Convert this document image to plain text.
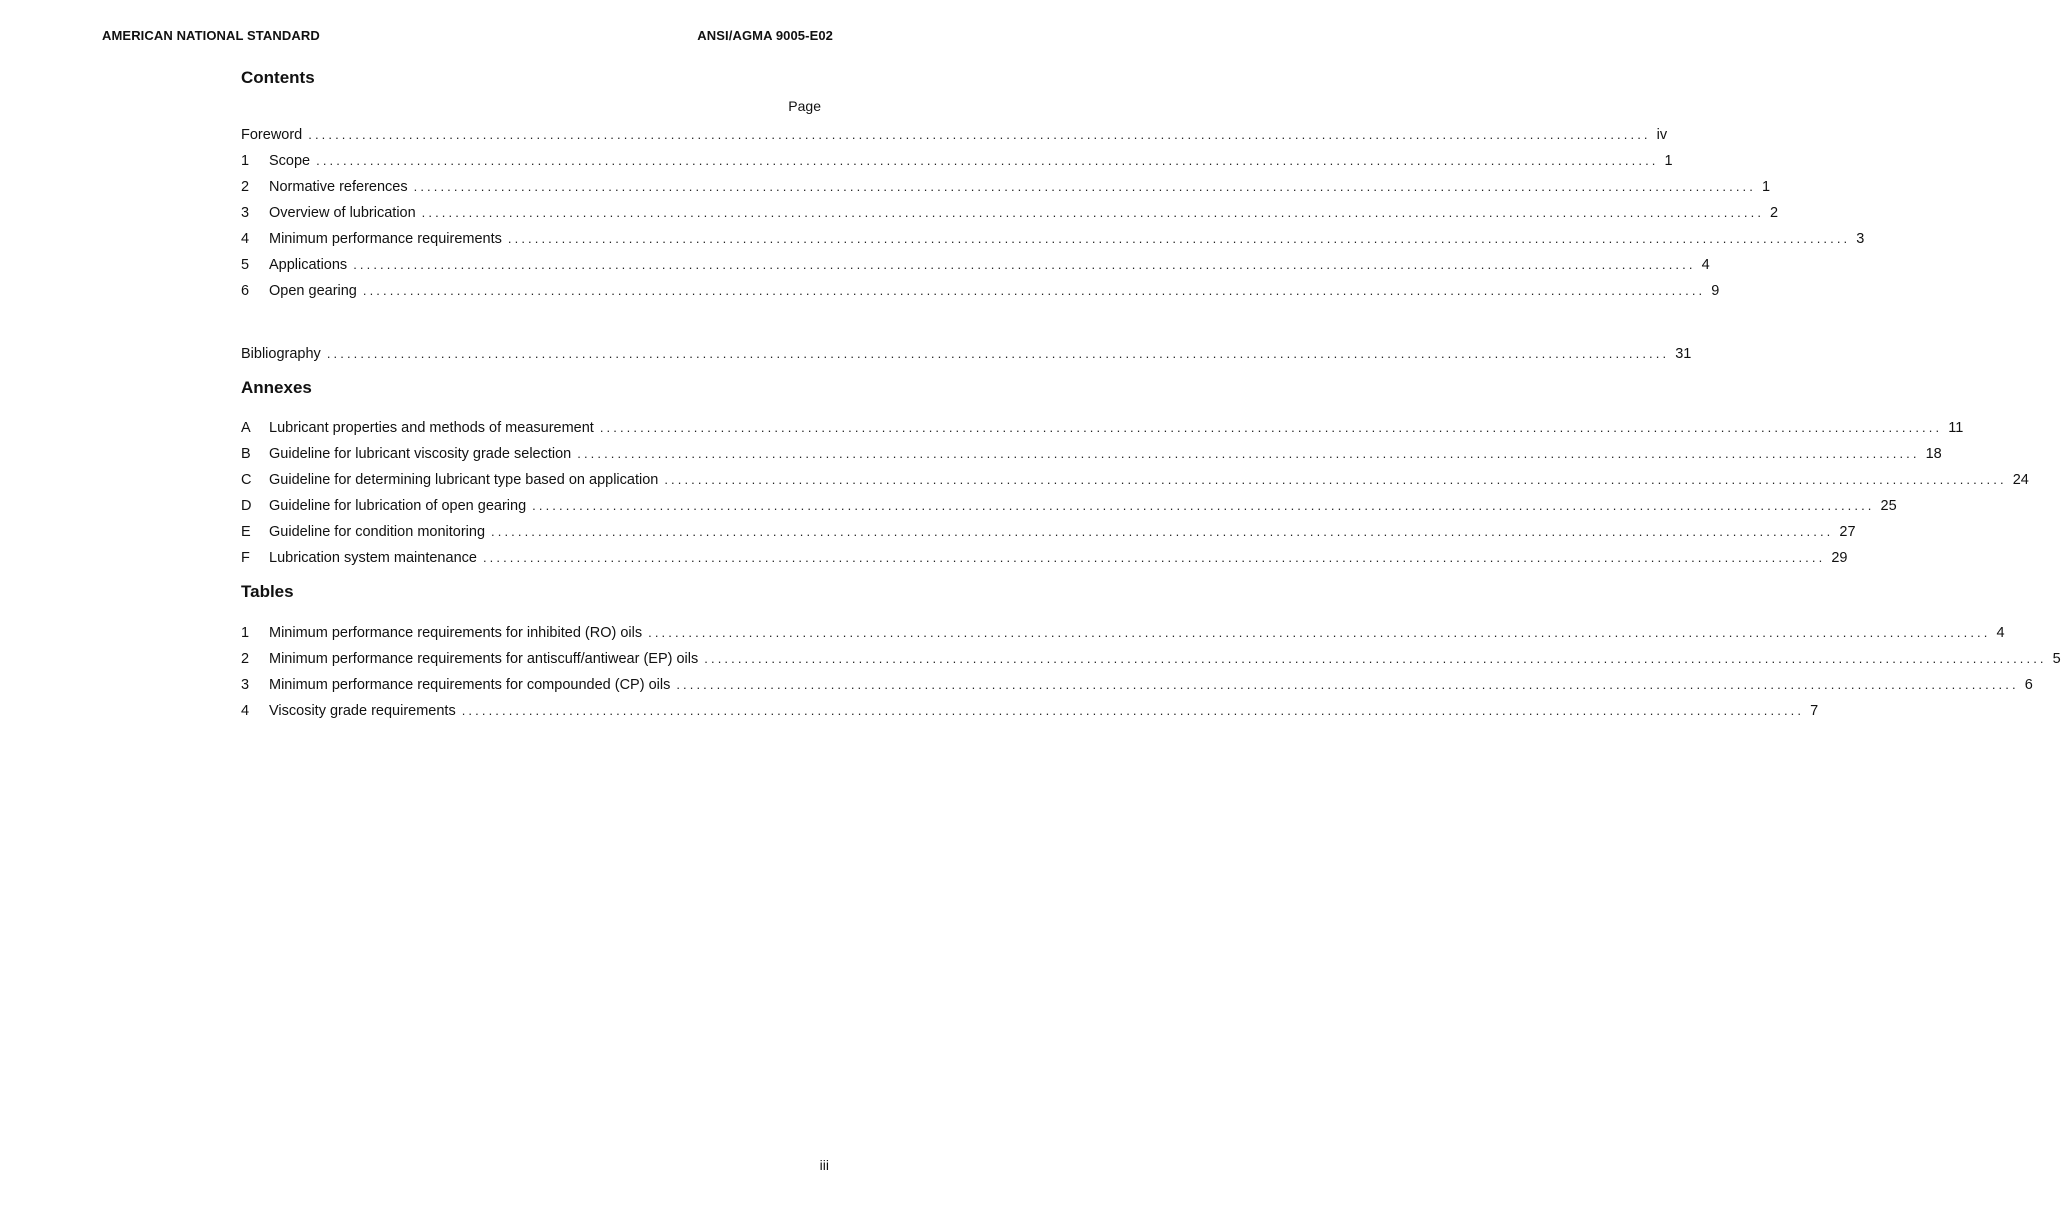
AMERICAN NATIONAL STANDARD	ANSI/AGMA 9005-E02
Contents
Page
Foreword ........................................................................................................................................................................................................ iv
1	Scope ........................................................................................................................................................................................................ 1
2	Normative references ........................................................................................................................................................................................................ 1
3	Overview of lubrication ........................................................................................................................................................................................................ 2
4	Minimum performance requirements ........................................................................................................................................................................................................ 3
5	Applications ........................................................................................................................................................................................................ 4
6	Open gearing ........................................................................................................................................................................................................ 9
Bibliography ........................................................................................................................................................................................................ 31
Annexes
A	Lubricant properties and methods of measurement ........................................................................................................................................................................................................ 11
B	Guideline for lubricant viscosity grade selection ........................................................................................................................................................................................................ 18
C	Guideline for determining lubricant type based on application ........................................................................................................................................................................................................ 24
D	Guideline for lubrication of open gearing ........................................................................................................................................................................................................ 25
E	Guideline for condition monitoring ........................................................................................................................................................................................................ 27
F	Lubrication system maintenance ........................................................................................................................................................................................................ 29
Tables
1	Minimum performance requirements for inhibited (RO) oils ........................................................................................................................................................................................................ 4
2	Minimum performance requirements for antiscuff/antiwear (EP) oils ........................................................................................................................................................................................................ 5
3	Minimum performance requirements for compounded (CP) oils ........................................................................................................................................................................................................ 6
4	Viscosity grade requirements ........................................................................................................................................................................................................ 7
iii
